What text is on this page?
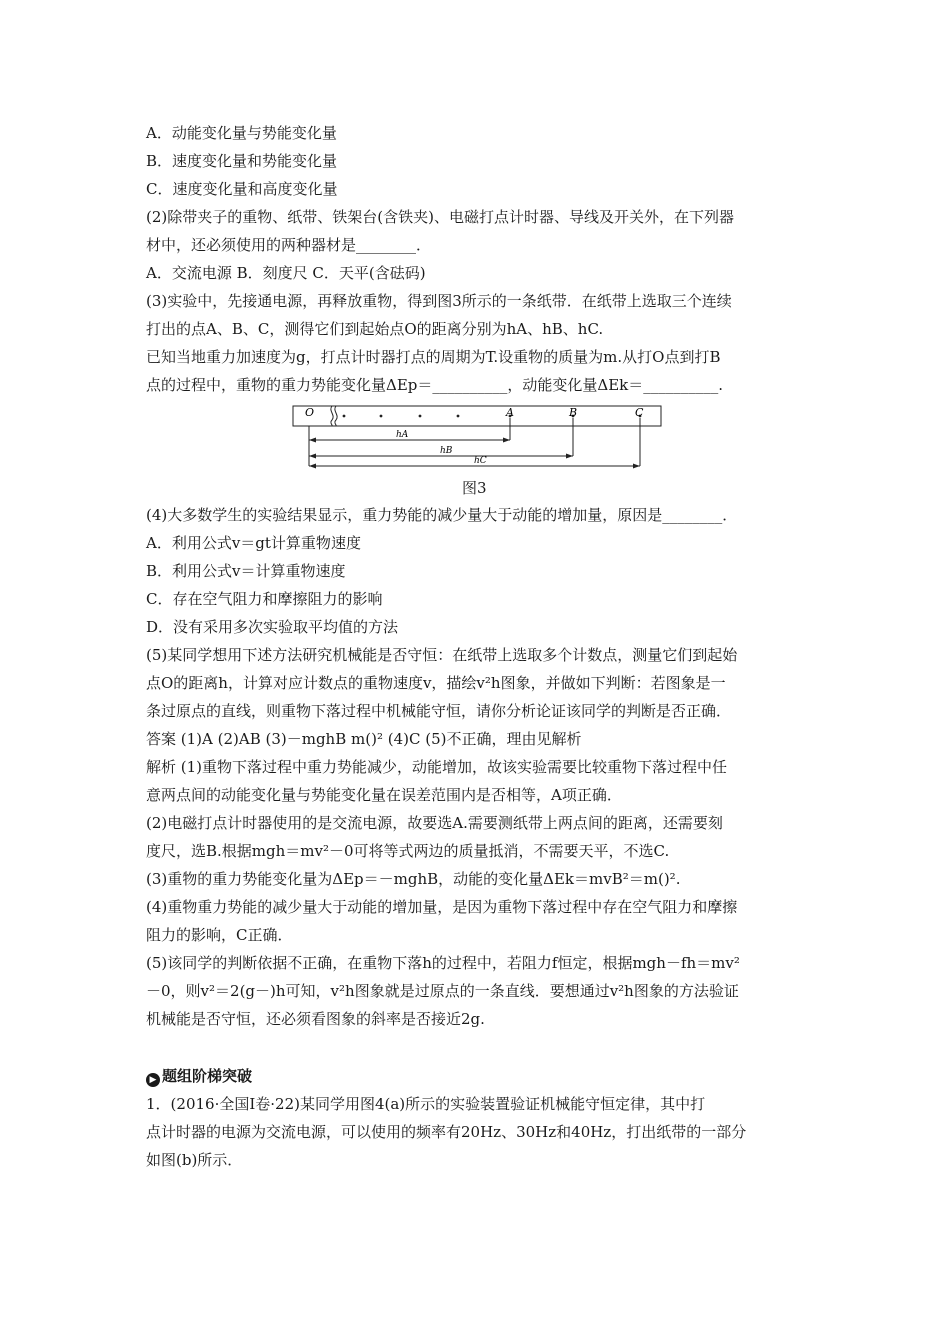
A．动能变化量与势能变化量
B．速度变化量和势能变化量
C．速度变化量和高度变化量
(2)除带夹子的重物、纸带、铁架台(含铁夹)、电磁打点计时器、导线及开关外，在下列器
材中，还必须使用的两种器材是________．
A．交流电源 B．刻度尺 C．天平(含砝码)
(3)实验中，先接通电源，再释放重物，得到图3所示的一条纸带．在纸带上选取三个连续
打出的点A、B、C，测得它们到起始点O的距离分别为hA、hB、hC.
已知当地重力加速度为g，打点计时器打点的周期为T.设重物的质量为m.从打O点到打B
点的过程中，重物的重力势能变化量ΔEp＝__________，动能变化量ΔEk＝__________.
O	A	B	C
hA
hB
hC
图3
(4)大多数学生的实验结果显示，重力势能的减少量大于动能的增加量，原因是________．
A．利用公式v＝gt计算重物速度
B．利用公式v＝计算重物速度
C．存在空气阻力和摩擦阻力的影响
D．没有采用多次实验取平均值的方法
(5)某同学想用下述方法研究机械能是否守恒：在纸带上选取多个计数点，测量它们到起始
点O的距离h，计算对应计数点的重物速度v，描绘v²h图象，并做如下判断：若图象是一
条过原点的直线，则重物下落过程中机械能守恒，请你分析论证该同学的判断是否正确．
答案 (1)A (2)AB (3)－mghB m()² (4)C (5)不正确，理由见解析
解析 (1)重物下落过程中重力势能减少，动能增加，故该实验需要比较重物下落过程中任
意两点间的动能变化量与势能变化量在误差范围内是否相等，A项正确．
(2)电磁打点计时器使用的是交流电源，故要选A.需要测纸带上两点间的距离，还需要刻
度尺，选B.根据mgh＝mv²－0可将等式两边的质量抵消，不需要天平，不选C.
(3)重物的重力势能变化量为ΔEp＝－mghB，动能的变化量ΔEk＝mvB²＝m()².
(4)重物重力势能的减少量大于动能的增加量，是因为重物下落过程中存在空气阻力和摩擦
阻力的影响，C正确．
(5)该同学的判断依据不正确，在重物下落h的过程中，若阻力f恒定，根据mgh－fh＝mv²
－0，则v²＝2(g－)h可知，v²h图象就是过原点的一条直线．要想通过v²h图象的方法验证
机械能是否守恒，还必须看图象的斜率是否接近2g.
▶ 题组阶梯突破
1．(2016·全国Ⅰ卷·22)某同学用图4(a)所示的实验装置验证机械能守恒定律，其中打
点计时器的电源为交流电源，可以使用的频率有20Hz、30Hz和40Hz，打出纸带的一部分
如图(b)所示．
